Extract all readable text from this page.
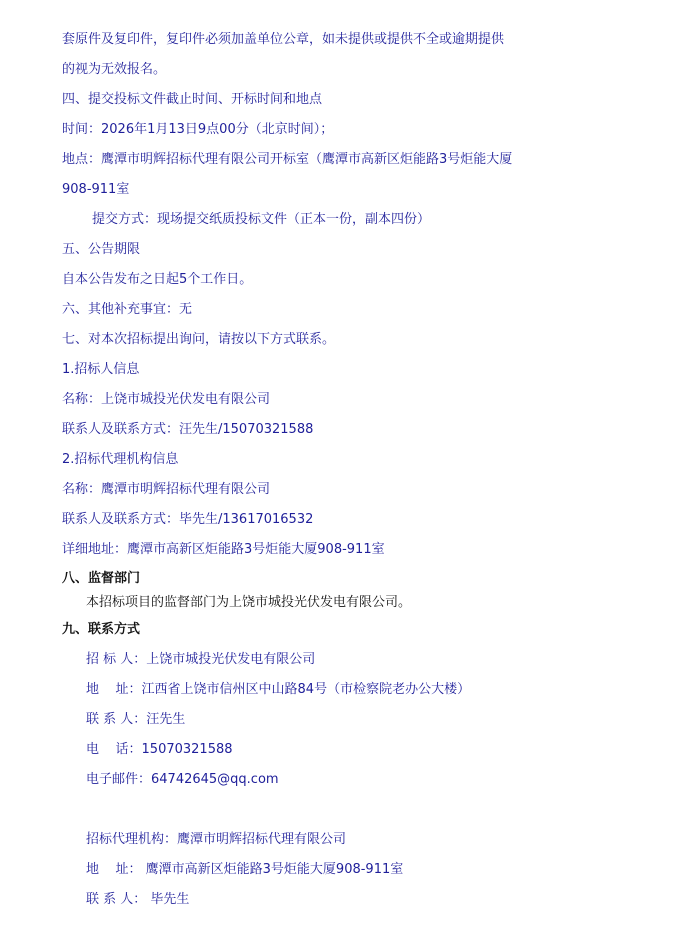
套原件及复印件，复印件必须加盖单位公章，如未提供或提供不全或逾期提供
的视为无效报名。
四、提交投标文件截止时间、开标时间和地点
时间：2026年1月13日9点00分（北京时间）；
地点：鹰潭市明辉招标代理有限公司开标室（鹰潭市高新区炬能路3号炬能大厦
908-911室
提交方式：现场提交纸质投标文件（正本一份，副本四份）
五、公告期限
自本公告发布之日起5个工作日。
六、其他补充事宜：无
七、对本次招标提出询问，请按以下方式联系。
1.招标人信息
名称：上饶市城投光伏发电有限公司
联系人及联系方式：汪先生/15070321588
2.招标代理机构信息
名称：鹰潭市明辉招标代理有限公司
联系人及联系方式：毕先生/13617016532
详细地址：鹰潭市高新区炬能路3号炬能大厦908-911室
八、监督部门
本招标项目的监督部门为上饶市城投光伏发电有限公司。
九、联系方式
招 标 人：上饶市城投光伏发电有限公司
地    址：江西省上饶市信州区中山路84号（市检察院老办公大楼）
联 系 人：汪先生
电    话：15070321588
电子邮件：64742645@qq.com
招标代理机构：鹰潭市明辉招标代理有限公司
地    址： 鹰潭市高新区炬能路3号炬能大厦908-911室
联 系 人： 毕先生
